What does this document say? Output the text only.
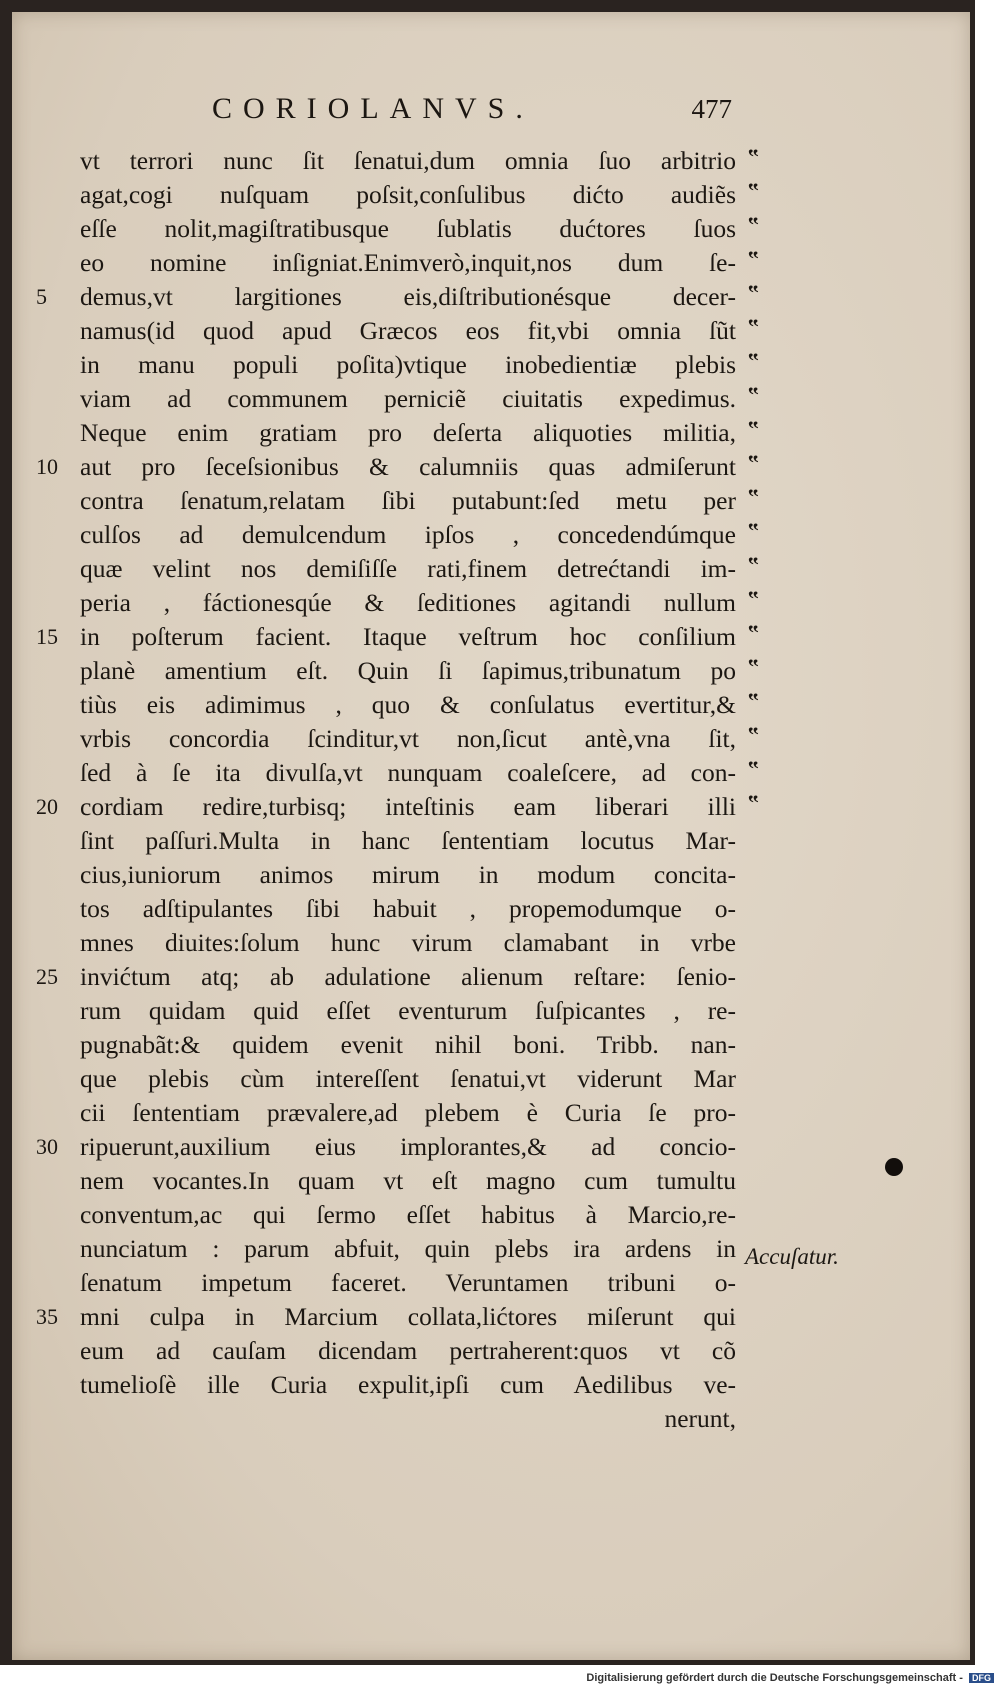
CORIOLANVS.	477
vt terrori nunc ſit ſenatui,dum omnia ſuo arbitrio ‟
agat,cogi nuſquam poſsit,conſulibus dićto audiẽs ‟
eſſe nolit,magiſtratibusque ſublatis dućtores ſuos ‟
eo nomine inſigniat.Enimverò,inquit,nos dum ſe- ‟
5	demus,vt largitiones eis,diſtributionésque decer- ‟
namus(id quod apud Græcos eos fit,vbi omnia ſũt ‟
in manu populi poſita)vtique inobedientiæ plebis ‟
viam ad communem perniciẽ ciuitatis expedimus. ‟
Neque enim gratiam pro deſerta aliquoties militia, ‟
10 aut pro ſeceſsionibus & calumniis quas admiſerunt ‟
contra ſenatum,relatam ſibi putabunt:ſed metu per ‟
culſos ad demulcendum ipſos , concedendúmque ‟
quæ velint nos demiſiſſe rati,finem detrećtandi im- ‟
peria , fáctionesqúe & ſeditiones agitandi nullum ‟
15 in poſterum facient. Itaque veſtrum hoc conſilium ‟
planè amentium eſt. Quin ſi ſapimus,tribunatum po ‟
tiùs eis adimimus , quo & conſulatus evertitur,& ‟
vrbis concordia ſcinditur,vt non,ſicut antè,vna ſit, ‟
ſed à ſe ita divulſa,vt nunquam coaleſcere, ad con- ‟
20 cordiam redire,turbisq; inteſtinis eam liberari illi ‟
ſint paſſuri.Multa in hanc ſententiam locutus Mar-
cius,iuniorum animos mirum in modum concita-
tos adſtipulantes ſibi habuit , propemodumque o-
mnes diuites:ſolum hunc virum clamabant in vrbe
25 invićtum atq; ab adulatione alienum reſtare: ſenio-
rum quidam quid eſſet eventurum ſuſpicantes , re-
pugnabãt:& quidem evenit nihil boni. Tribb. nan-
que plebis cùm intereſſent ſenatui,vt viderunt Mar
cii ſententiam prævalere,ad plebem è Curia ſe pro-
30 ripuerunt,auxilium eius implorantes,& ad concio-
nem vocantes.In quam vt eſt magno cum tumultu
conventum,ac qui ſermo eſſet habitus à Marcio,re-
nunciatum : parum abfuit, quin plebs ira ardens in
ſenatum impetum faceret. Veruntamen tribuni o-
35 mni culpa in Marcium collata,lićtores miſerunt qui
eum ad cauſam dicendam pertraherent:quos vt cõ
tumelioſè ille Curia expulit,ipſi cum Aedilibus ve-
nerunt,
Accuſatur.
Digitalisierung gefördert durch die Deutsche Forschungsgemeinschaft - DFG
